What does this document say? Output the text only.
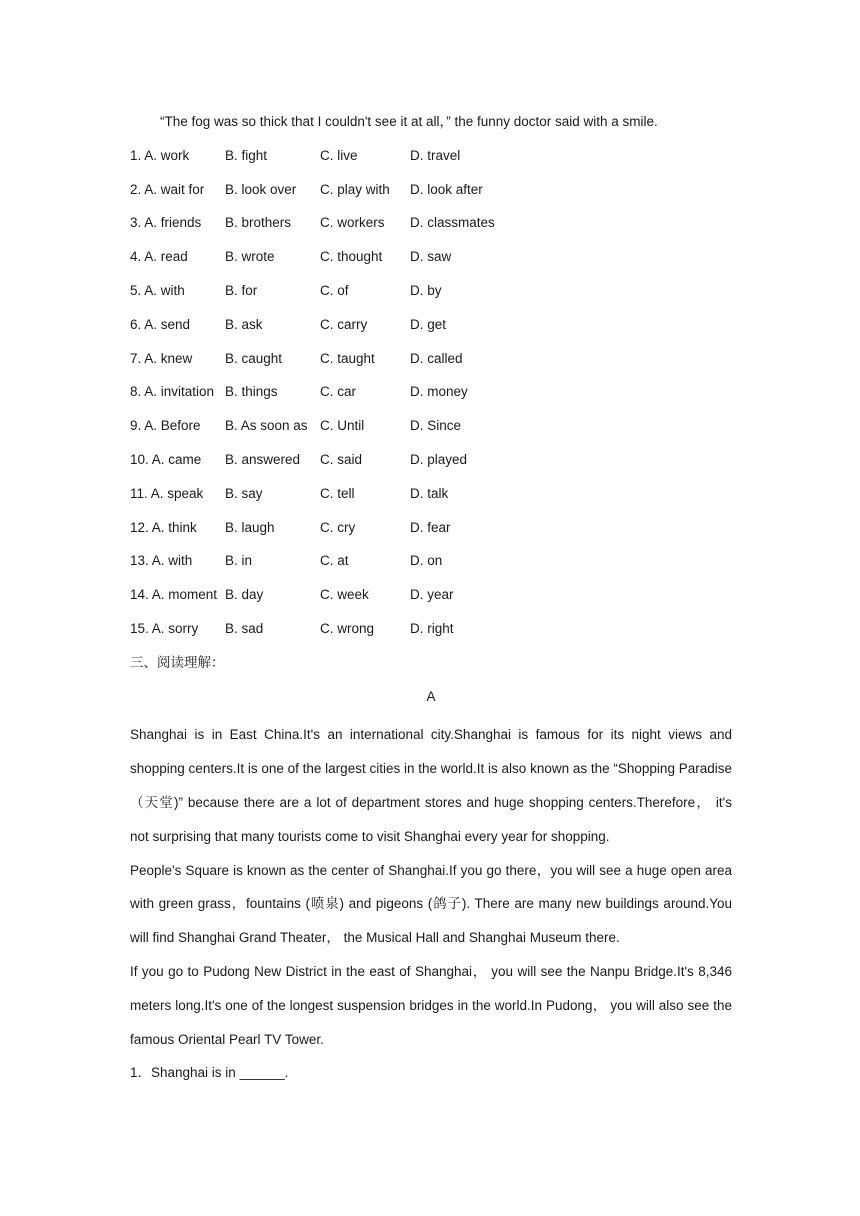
“The fog was so thick that I couldn't see it at all，” the funny doctor said with a smile.
1. A. work	B. fight	C. live	D. travel
2. A. wait for B. look over C. play with D. look after
3. A. friends B. brothers C. workers D. classmates
4. A. read	B. wrote	C. thought D. saw
5. A. with	B. for	C. of	D. by
6. A. send	B. ask	C. carry	D. get
7. A. knew B. caught	C. taught	D. called
8. A. invitation B. things	C. car	D. money
9. A. Before B. As soon as C. Until	D. Since
10. A. came B. answered C. said	D. played
11. A. speak B. say	C. tell	D. talk
12. A. think B. laugh	C. cry	D. fear
13. A. with B. in	C. at	D. on
14. A. moment B. day	C. week	D. year
15. A. sorry B. sad	C. wrong	D. right
三、阅读理解：
A

Shanghai is in East China.It's an international city.Shanghai is famous for its night views and shopping centers.It is one of the largest cities in the world.It is also known as the “Shopping Paradise（天堂)” because there are a lot of department stores and huge shopping centers.Therefore， it's not surprising that many tourists come to visit Shanghai every year for shopping.

People's Square is known as the center of Shanghai.If you go there，you will see a huge open area with green grass，fountains (喷泉) and pigeons (鸽子). There are many new buildings around.You will find Shanghai Grand Theater， the Musical Hall and Shanghai Museum there.

If you go to Pudong New District in the east of Shanghai， you will see the Nanpu Bridge.It's 8,346 meters long.It's one of the longest suspension bridges in the world.In Pudong， you will also see the famous Oriental Pearl TV Tower.

1．Shanghai is in ______.
